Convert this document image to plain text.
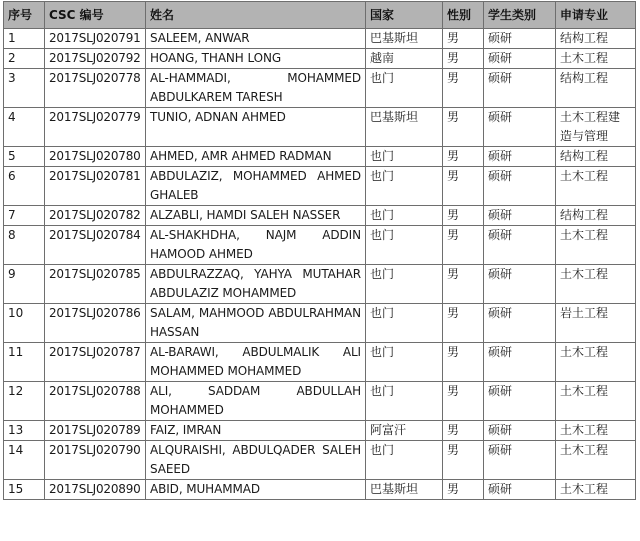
序号	CSC 编号	姓名	国家	性别	学生类别	申请专业
1	2017SLJ020791	SALEEM, ANWAR	巴基斯坦	男	硕研	结构工程

2	2017SLJ020792	HOANG, THANH LONG	越南	男	硕研	土木工程

3	2017SLJ020778	AL-HAMMADI, MOHAMMED
ABDULKAREM TARESH	也门	男	硕研	结构工程

4	2017SLJ020779	TUNIO, ADNAN AHMED	巴基斯坦	男	硕研	土木工程建
造与管理

5	2017SLJ020780	AHMED, AMR AHMED RADMAN	也门	男	硕研	结构工程

6	2017SLJ020781	ABDULAZIZ, MOHAMMED AHMED
GHALEB	也门	男	硕研	土木工程

7	2017SLJ020782	ALZABLI, HAMDI SALEH NASSER	也门	男	硕研	结构工程

8	2017SLJ020784	AL-SHAKHDHA, NAJM ADDIN
HAMOOD AHMED	也门	男	硕研	土木工程

9	2017SLJ020785	ABDULRAZZAQ, YAHYA MUTAHAR
ABDULAZIZ MOHAMMED	也门	男	硕研	土木工程

10	2017SLJ020786	SALAM, MAHMOOD ABDULRAHMAN
HASSAN	也门	男	硕研	岩土工程

11	2017SLJ020787	AL-BARAWI, ABDULMALIK ALI
MOHAMMED MOHAMMED	也门	男	硕研	土木工程

12	2017SLJ020788	ALI, SADDAM ABDULLAH
MOHAMMED	也门	男	硕研	土木工程

13	2017SLJ020789	FAIZ, IMRAN	阿富汗	男	硕研	土木工程

14	2017SLJ020790	ALQURAISHI, ABDULQADER SALEH
SAEED	也门	男	硕研	土木工程

15	2017SLJ020890	ABID, MUHAMMAD	巴基斯坦	男	硕研	土木工程
